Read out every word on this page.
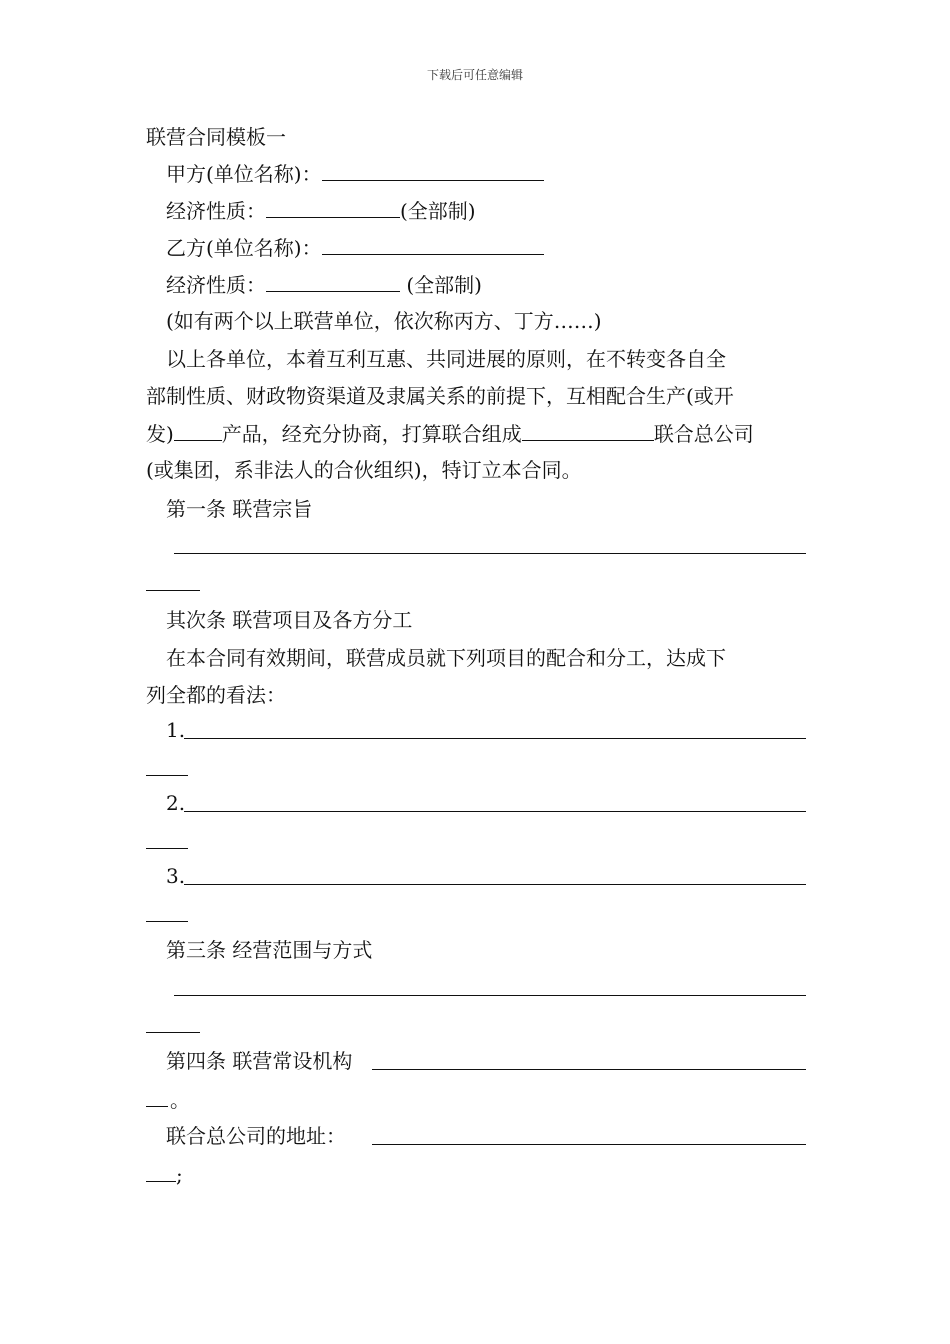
下载后可任意编辑
联营合同模板一
甲方(单位名称)：
经济性质：	(全部制)
乙方(单位名称)：
经济性质：	(全部制)
(如有两个以上联营单位，依次称丙方、丁方……)
以上各单位，本着互利互惠、共同进展的原则，在不转变各自全
部制性质、财政物资渠道及隶属关系的前提下，互相配合生产(或开
发) 产品，经充分协商，打算联合组成	联合总公司
(或集团，系非法人的合伙组织)，特订立本合同。
第一条 联营宗旨
其次条 联营项目及各方分工
在本合同有效期间，联营成员就下列项目的配合和分工，达成下
列全都的看法：
1.
2.
3.
第三条 经营范围与方式
第四条 联营常设机构
。
联合总公司的地址：
;
